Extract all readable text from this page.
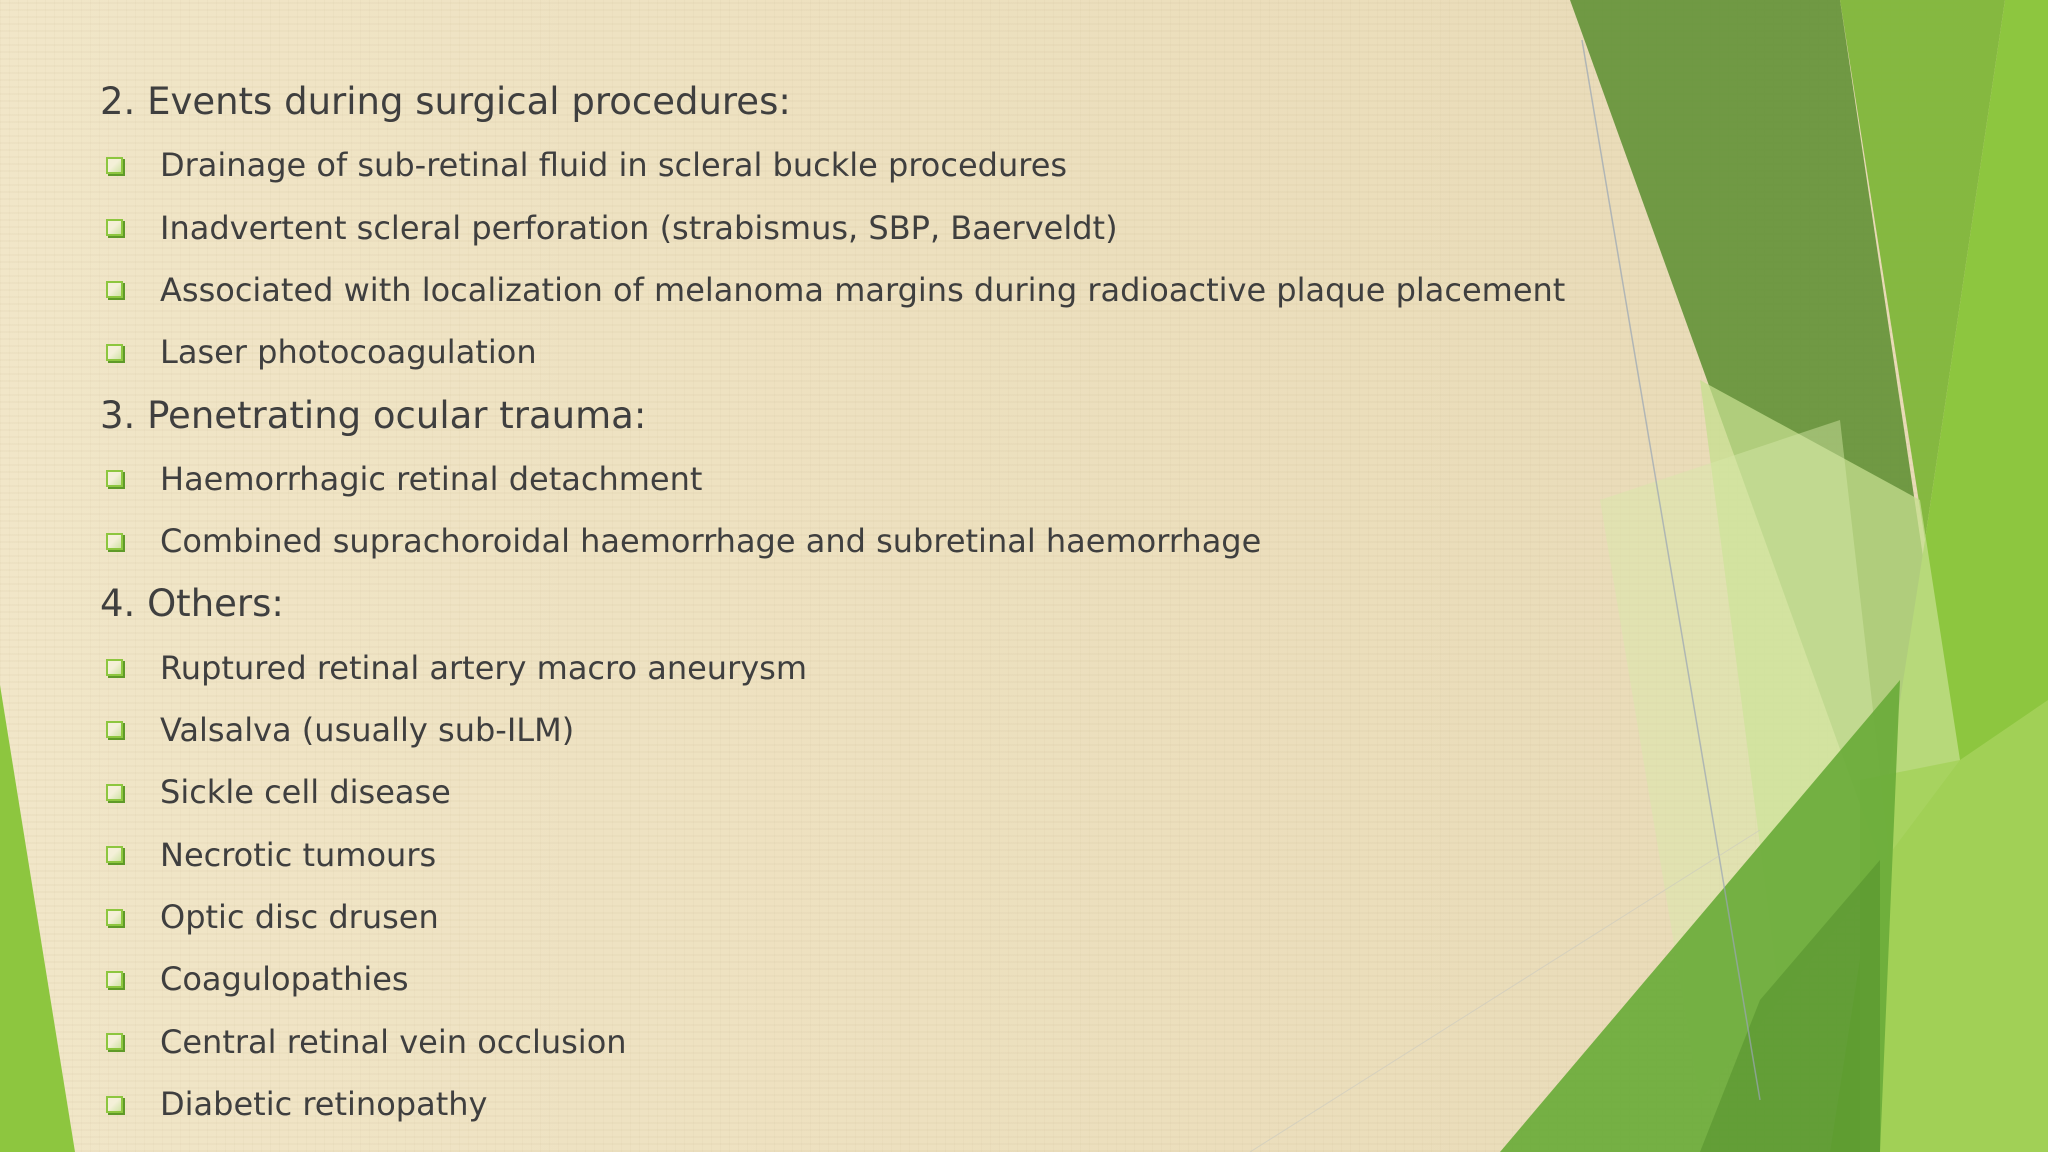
2. Events during surgical procedures:
Drainage of sub-retinal fluid in scleral buckle procedures
Inadvertent scleral perforation (strabismus, SBP, Baerveldt)
Associated with localization of melanoma margins during radioactive plaque placement
Laser photocoagulation
3. Penetrating ocular trauma:
Haemorrhagic retinal detachment
Combined suprachoroidal haemorrhage and subretinal haemorrhage
4. Others:
Ruptured retinal artery macro aneurysm
Valsalva (usually sub-ILM)
Sickle cell disease
Necrotic tumours
Optic disc drusen
Coagulopathies
Central retinal vein occlusion
Diabetic retinopathy
